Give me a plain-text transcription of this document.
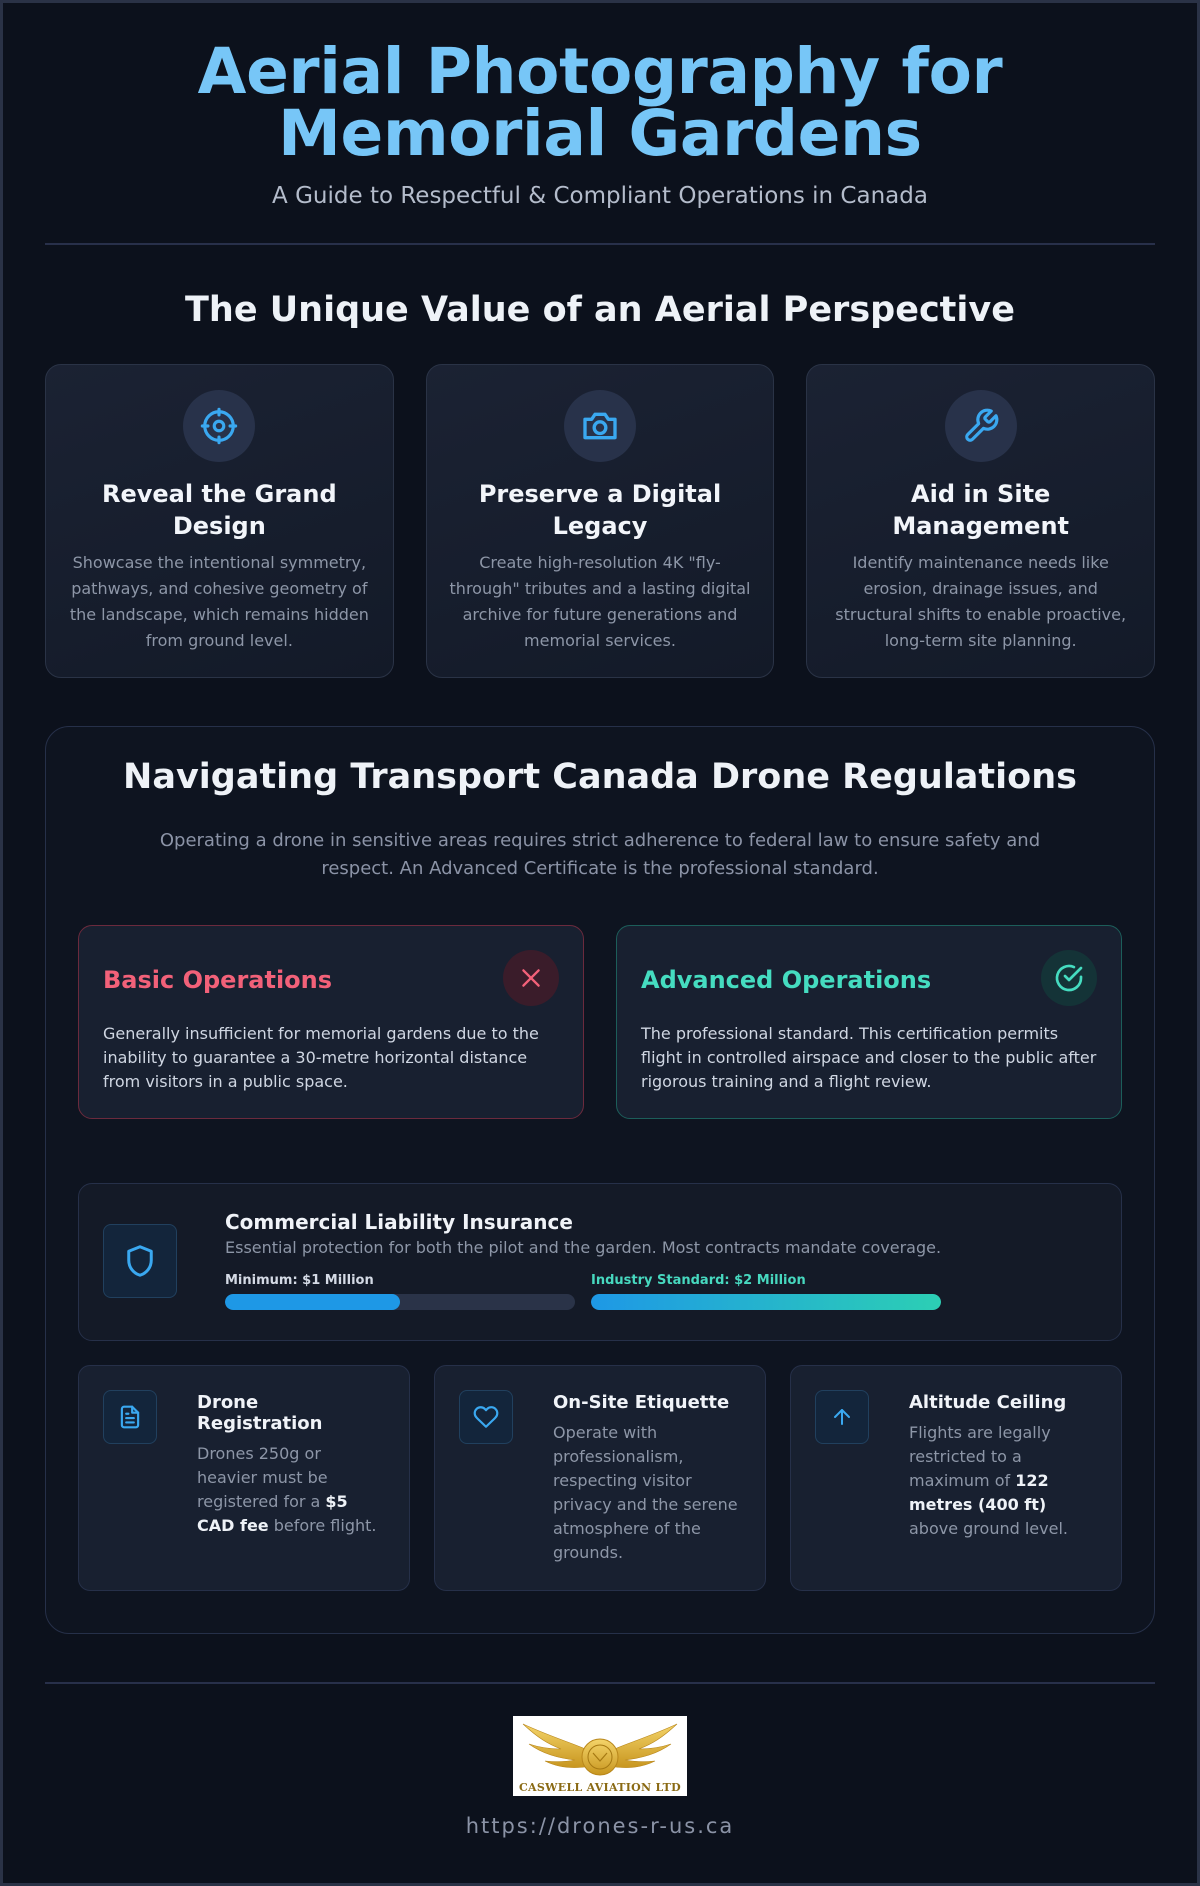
Aerial Photography for Memorial Gardens
A Guide to Respectful & Compliant Operations in Canada
The Unique Value of an Aerial Perspective
Reveal the Grand Design

Showcase the intentional symmetry, pathways, and cohesive geometry of the landscape, which remains hidden from ground level.

Preserve a Digital Legacy

Create high-resolution 4K "fly-through" tributes and a lasting digital archive for future generations and memorial services.

Aid in Site Management

Identify maintenance needs like erosion, drainage issues, and structural shifts to enable proactive, long-term site planning.

Navigating Transport Canada Drone Regulations
Operating a drone in sensitive areas requires strict adherence to federal law to ensure safety and respect. An Advanced Certificate is the professional standard.
Basic Operations

Generally insufficient for memorial gardens due to the inability to guarantee a 30-metre horizontal distance from visitors in a public space.

Advanced Operations

The professional standard. This certification permits flight in controlled airspace and closer to the public after rigorous training and a flight review.

Commercial Liability Insurance
Essential protection for both the pilot and the garden. Most contracts mandate coverage.
Minimum: $1 Million	Industry Standard: $2 Million
Drone Registration

Drones 250g or heavier must be registered for a $5 CAD fee before flight.

On-Site Etiquette

Operate with professionalism, respecting visitor privacy and the serene atmosphere of the grounds.

Altitude Ceiling

Flights are legally restricted to a maximum of 122 metres (400 ft) above ground level.

CASWELL AVIATION LTD
https://drones-r-us.ca
